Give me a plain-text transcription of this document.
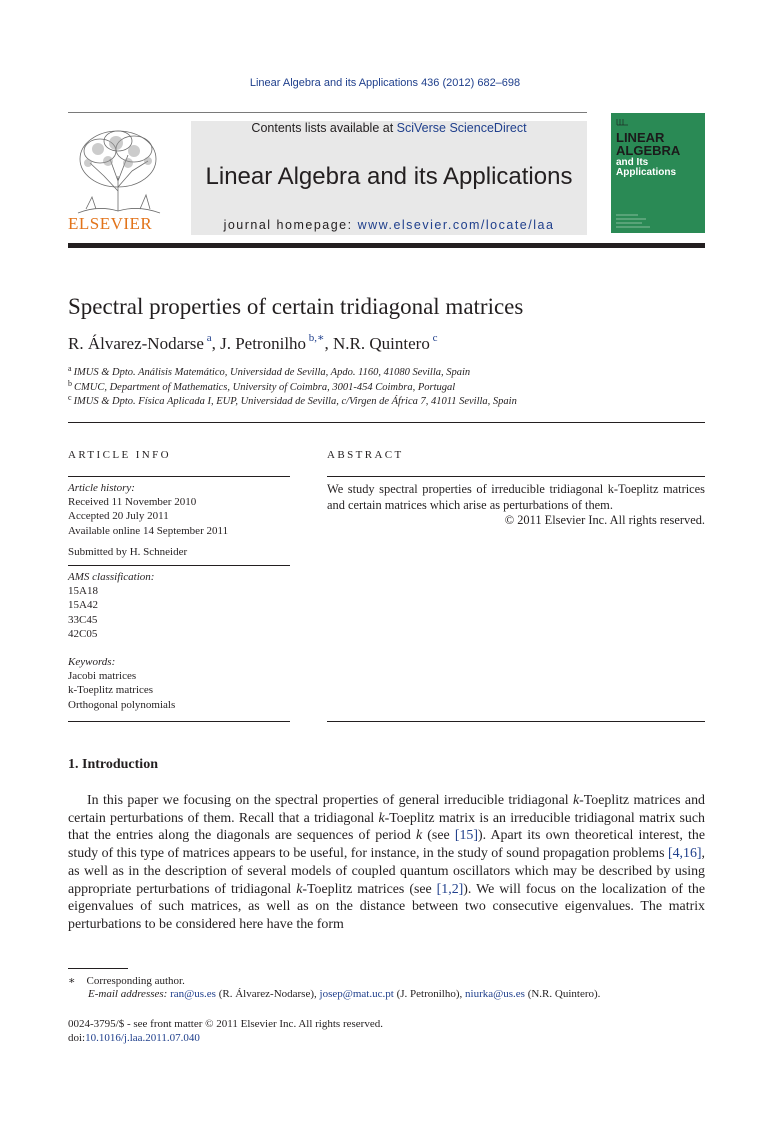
Linear Algebra and its Applications 436 (2012) 682–698
ELSEVIER
Contents lists available at SciVerse ScienceDirect
Linear Algebra and its Applications
journal homepage: www.elsevier.com/locate/laa
LINEAR
ALGEBRA
and Its
Applications
Spectral properties of certain tridiagonal matrices
R. Álvarez-Nodarse $^a$, J. Petronilho $^{b,∗}$, N.R. Quintero $^c$
$^a$ IMUS & Dpto. Análisis Matemático, Universidad de Sevilla, Apdo. 1160, 41080 Sevilla, Spain
$^b$ CMUC, Department of Mathematics, University of Coimbra, 3001-454 Coimbra, Portugal
$^c$ IMUS & Dpto. Física Aplicada I, EUP, Universidad de Sevilla, c/Virgen de África 7, 41011 Sevilla, Spain
ARTICLE INFO	ABSTRACT
Article history:
Received 11 November 2010
Accepted 20 July 2011
Available online 14 September 2011
Submitted by H. Schneider
AMS classification:
15A18
15A42
33C45
42C05
Keywords:
Jacobi matrices
k-Toeplitz matrices
Orthogonal polynomials
We study spectral properties of irreducible tridiagonal k-Toeplitz matrices and certain matrices which arise as perturbations of them.
© 2011 Elsevier Inc. All rights reserved.
1. Introduction

In this paper we focusing on the spectral properties of general irreducible tridiagonal k-Toeplitz matrices and certain perturbations of them. Recall that a tridiagonal k-Toeplitz matrix is an irreducible tridiagonal matrix such that the entries along the diagonals are sequences of period k (see [15]). Apart its own theoretical interest, the study of this type of matrices appears to be useful, for instance, in the study of sound propagation problems [4,16], as well as in the description of several models of coupled quantum oscillators which may be described by using appropriate perturbations of tridiagonal k-Toeplitz matrices (see [1,2]). We will focus on the localization of the eigenvalues of such matrices, as well as on the distance between two consecutive eigenvalues. The matrix perturbations to be considered here have the form

∗ Corresponding author.
E-mail addresses: ran@us.es (R. Álvarez-Nodarse), josep@mat.uc.pt (J. Petronilho), niurka@us.es (N.R. Quintero).
0024-3795/$ - see front matter © 2011 Elsevier Inc. All rights reserved.
doi:10.1016/j.laa.2011.07.040
